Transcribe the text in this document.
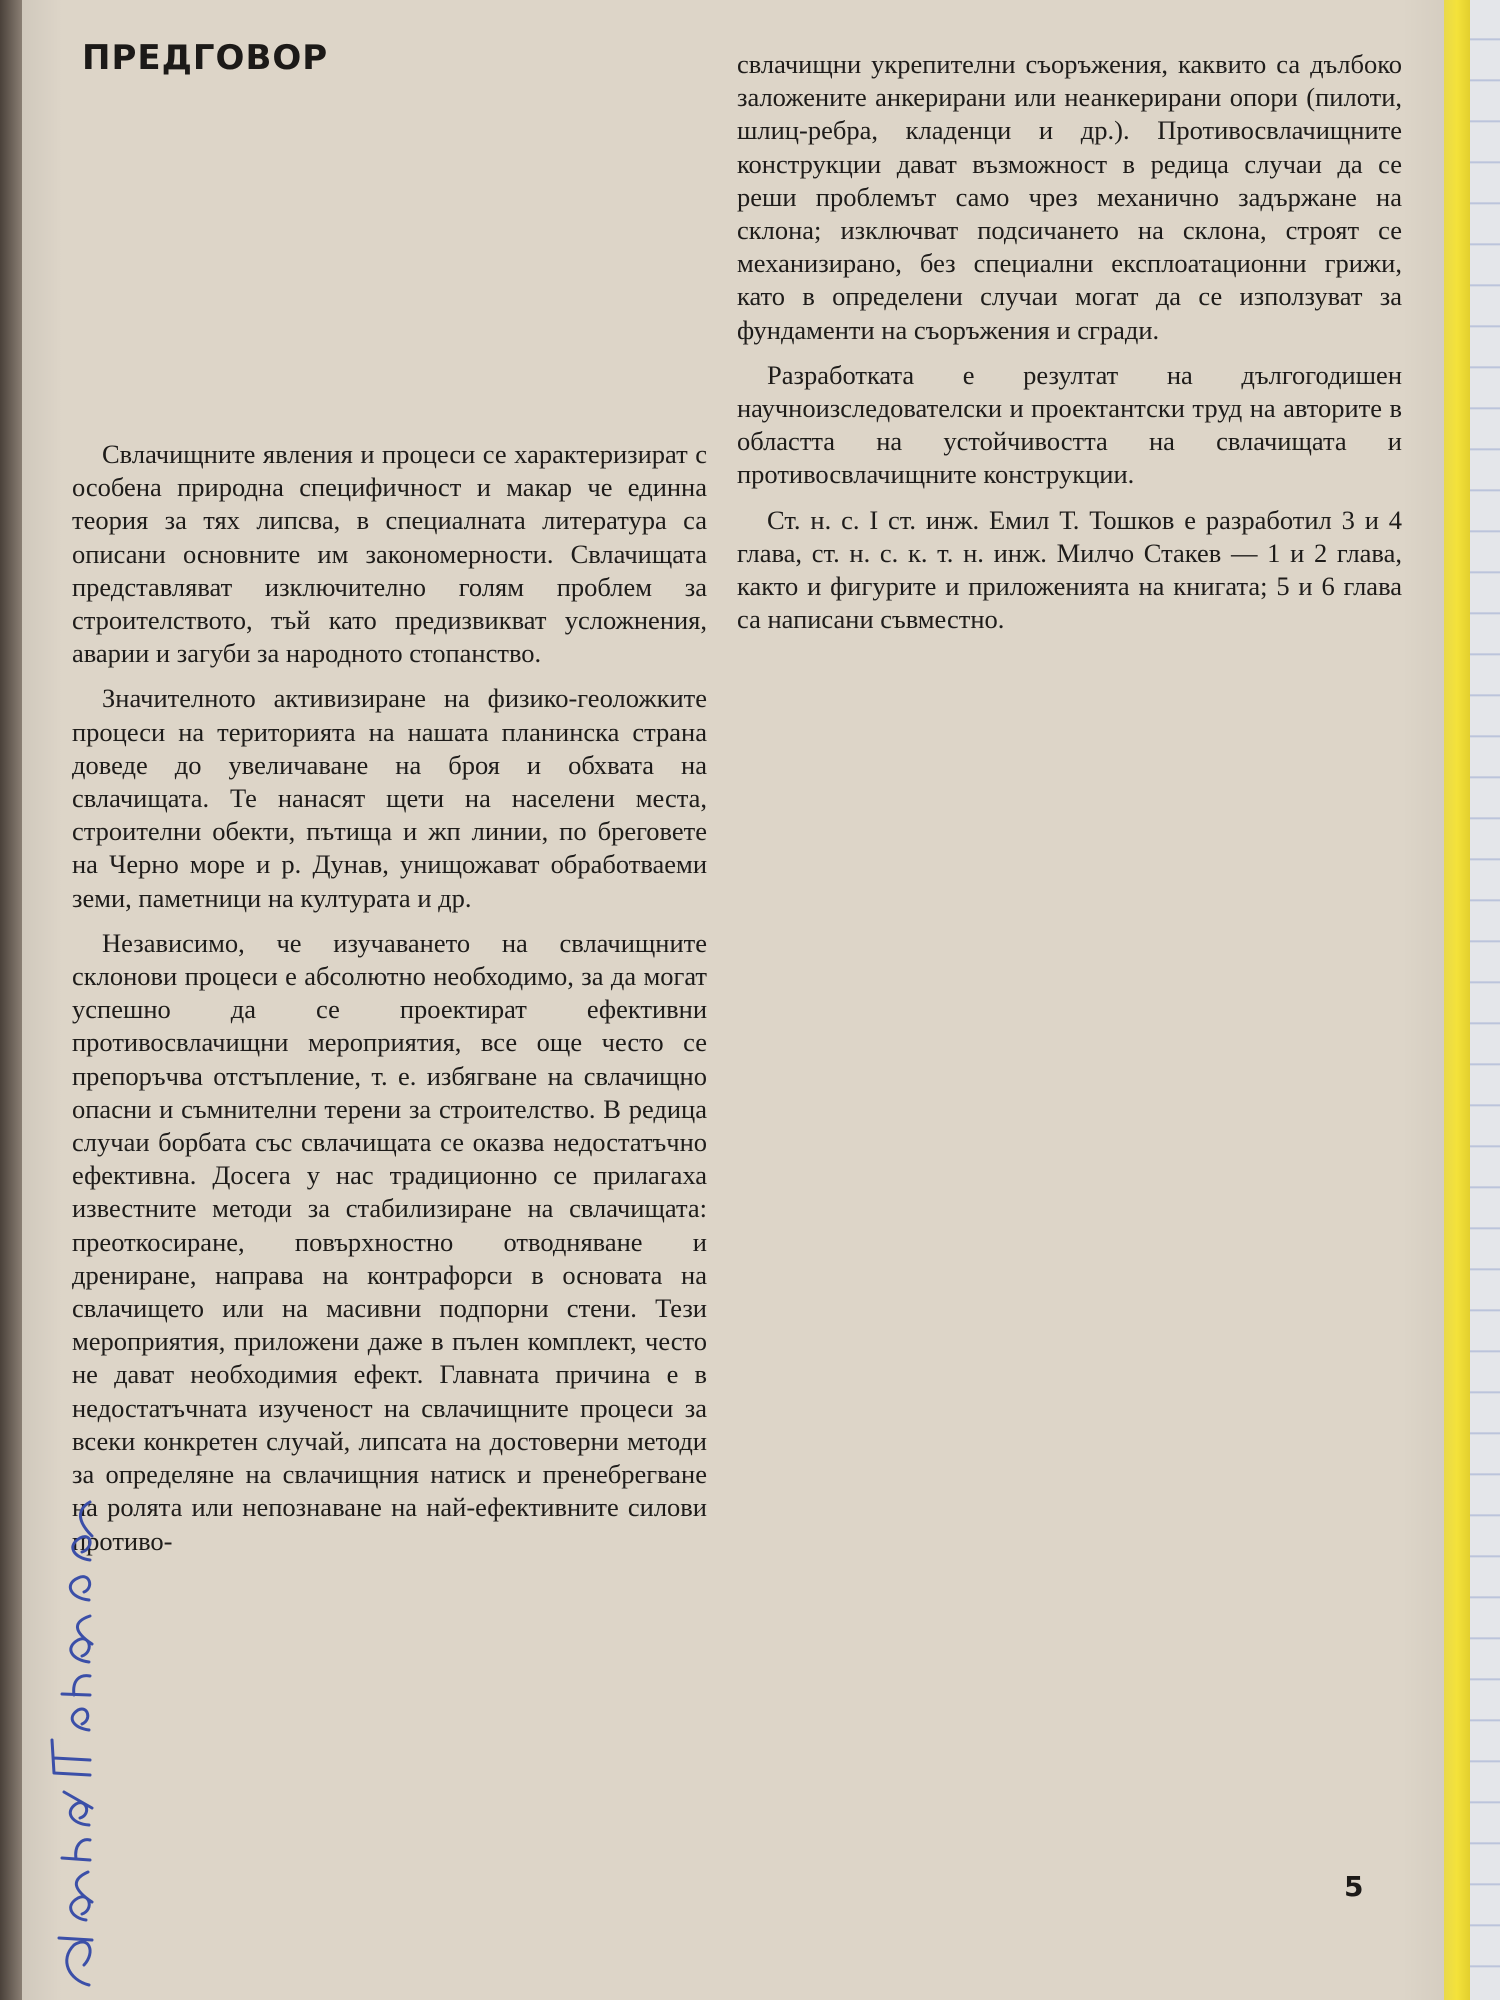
ПРЕДГОВОР	свлачищни укрепителни съоръжения, каквито са дълбоко заложените анкерирани или неанкерирани опори (пилоти, шлиц-ребра, кладенци и др.). Противосвлачищните конструкции дават възможност в редица случаи да се реши проблемът само чрез механично задържане на склона; изключват подсичането на склона, строят се механизирано, без специални експлоатационни грижи, като в определени случаи могат да се използуват за фундаменти на съоръжения и сгради.

Разработката е резултат на дългогодишен научноизследователски и проектантски труд на авторите в областта на устойчивостта на свлачищата и противосвлачищните конструкции.

Ст. н. с. I ст. инж. Емил Т. Тошков е разработил 3 и 4 глава, ст. н. с. к. т. н. инж. Милчо Стакев — 1 и 2 глава, както и фигурите и приложенията на книгата; 5 и 6 глава са написани съвместно.

Свлачищните явления и процеси се характеризират с особена природна специфичност и макар че единна теория за тях липсва, в специалната литература са описани основните им закономерности. Свлачищата представляват изключително голям проблем за строителството, тъй като предизвикват усложнения, аварии и загуби за народното стопанство.

Значителното активизиране на физико-геоложките процеси на територията на нашата планинска страна доведе до увеличаване на броя и обхвата на свлачищата. Те нанасят щети на населени места, строителни обекти, пътища и жп линии, по бреговете на Черно море и р. Дунав, унищожават обработваеми земи, паметници на културата и др.

Независимо, че изучаването на свлачищните склонови процеси е абсолютно необходимо, за да могат успешно да се проектират ефективни противосвлачищни мероприятия, все още често се препоръчва отстъпление, т. е. избягване на свлачищно опасни и съмнителни терени за строителство. В редица случаи борбата със свлачищата се оказва недостатъчно ефективна. Досега у нас традиционно се прилагаха известните методи за стабилизиране на свлачищата: преоткосиране, повърхностно отводняване и дрениране, направа на контрафорси в основата на свлачището или на масивни подпорни стени. Тези мероприятия, приложени даже в пълен комплект, често не дават необходимия ефект. Главната причина е в недостатъчната изученост на свлачищните процеси за всеки конкретен случай, липсата на достоверни методи за определяне на свлачищния натиск и пренебрегване на ролята или непознаване на най-ефективните силови противо-

5
